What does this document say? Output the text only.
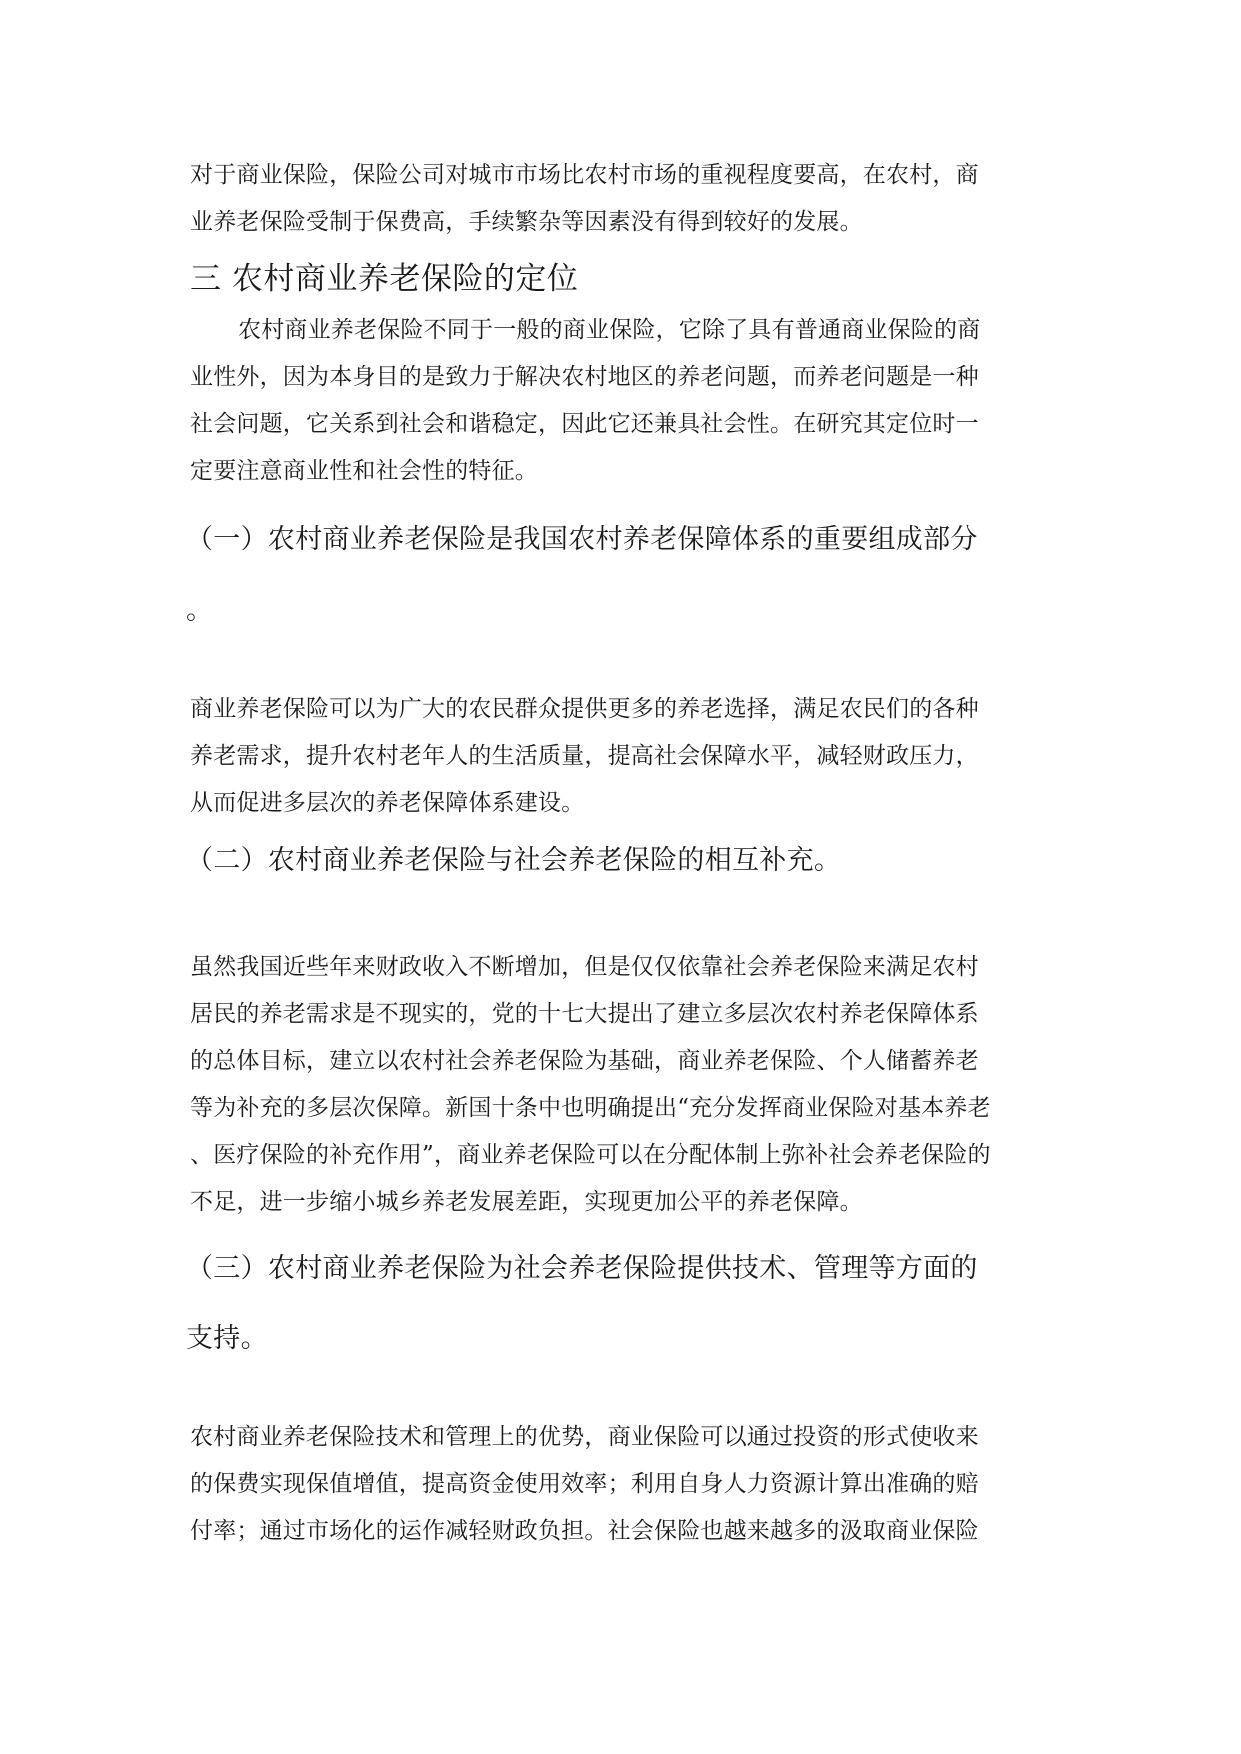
对于商业保险，保险公司对城市市场比农村市场的重视程度要高，在农村，商
业养老保险受制于保费高，手续繁杂等因素没有得到较好的发展。
三 农村商业养老保险的定位
农村商业养老保险不同于一般的商业保险，它除了具有普通商业保险的商
业性外，因为本身目的是致力于解决农村地区的养老问题，而养老问题是一种
社会问题，它关系到社会和谐稳定，因此它还兼具社会性。在研究其定位时一
定要注意商业性和社会性的特征。
（一）农村商业养老保险是我国农村养老保障体系的重要组成部分
。
商业养老保险可以为广大的农民群众提供更多的养老选择，满足农民们的各种
养老需求，提升农村老年人的生活质量，提高社会保障水平，减轻财政压力，
从而促进多层次的养老保障体系建设。
（二）农村商业养老保险与社会养老保险的相互补充。
虽然我国近些年来财政收入不断增加，但是仅仅依靠社会养老保险来满足农村
居民的养老需求是不现实的，党的十七大提出了建立多层次农村养老保障体系
的总体目标，建立以农村社会养老保险为基础，商业养老保险、个人储蓄养老
等为补充的多层次保障。新国十条中也明确提出“充分发挥商业保险对基本养老
、医疗保险的补充作用”，商业养老保险可以在分配体制上弥补社会养老保险的
不足，进一步缩小城乡养老发展差距，实现更加公平的养老保障。
（三）农村商业养老保险为社会养老保险提供技术、管理等方面的
支持。
农村商业养老保险技术和管理上的优势，商业保险可以通过投资的形式使收来
的保费实现保值增值，提高资金使用效率；利用自身人力资源计算出准确的赔
付率；通过市场化的运作减轻财政负担。社会保险也越来越多的汲取商业保险
